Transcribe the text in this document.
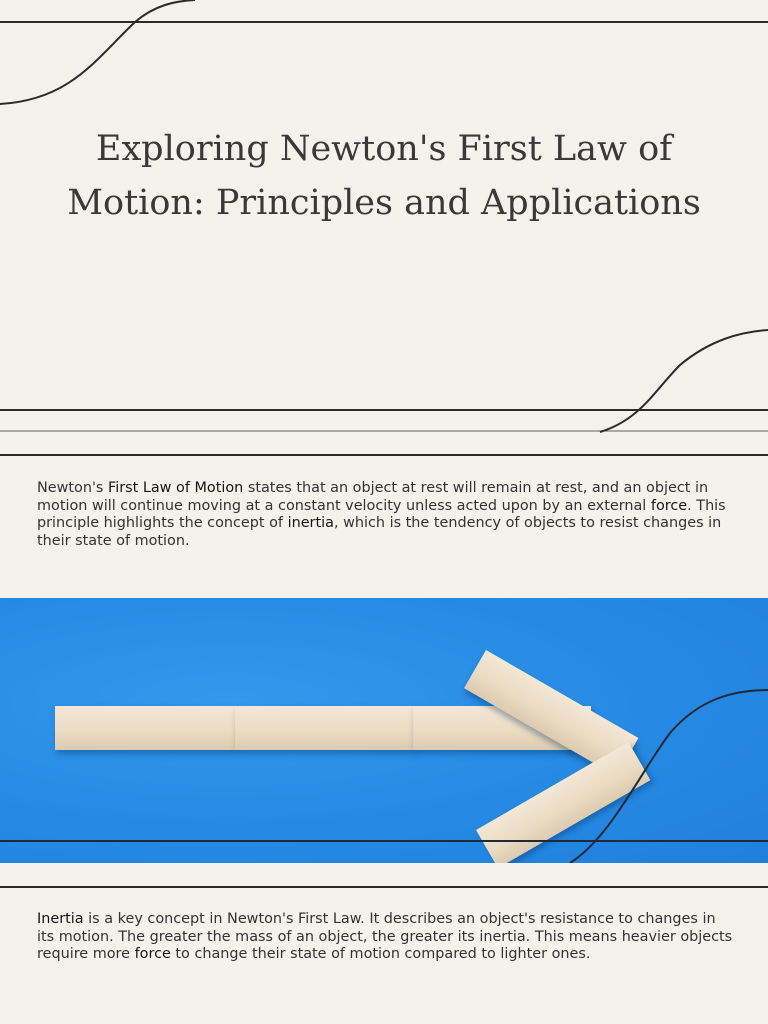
Exploring Newton's First Law of Motion: Principles and Applications

Newton's First Law of Motion states that an object at rest will remain at rest, and an object in motion will continue moving at a constant velocity unless acted upon by an external force. This principle highlights the concept of inertia, which is the tendency of objects to resist changes in their state of motion.

Inertia is a key concept in Newton's First Law. It describes an object's resistance to changes in its motion. The greater the mass of an object, the greater its inertia. This means heavier objects require more force to change their state of motion compared to lighter ones.
